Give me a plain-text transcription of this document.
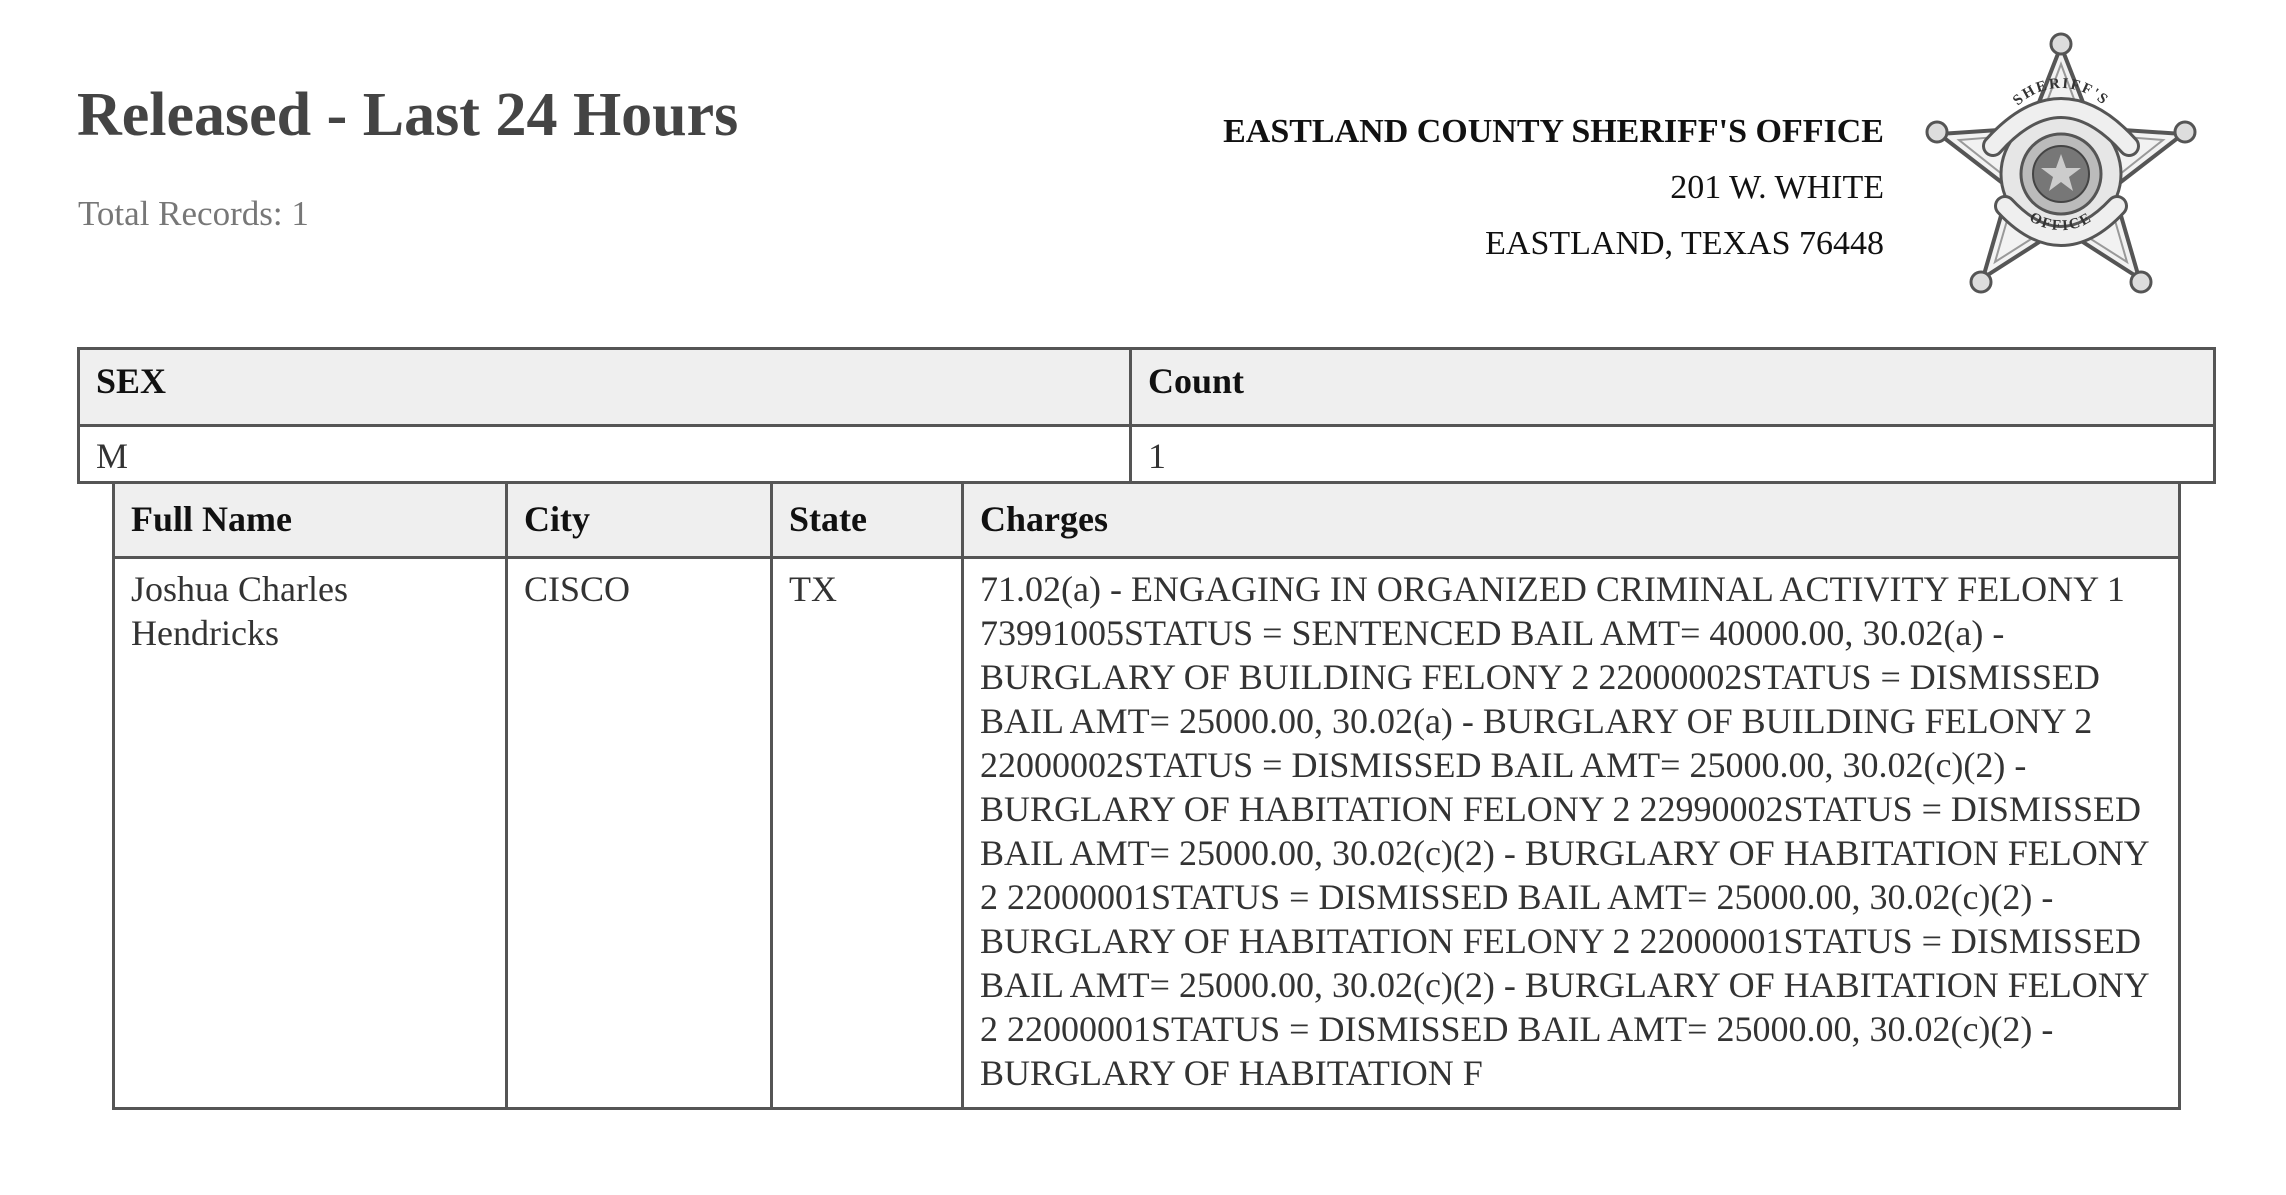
Released - Last 24 Hours
Total Records: 1
EASTLAND COUNTY SHERIFF'S OFFICE
201 W. WHITE
EASTLAND, TEXAS 76448
SHERIFF'S
OFFICE
SEX	Count
M	1
Full Name	City	State	Charges
Joshua Charles Hendricks	CISCO	TX	71.02(a) - ENGAGING IN ORGANIZED CRIMINAL ACTIVITY FELONY 1 73991005STATUS = SENTENCED BAIL AMT= 40000.00, 30.02(a) - BURGLARY OF BUILDING FELONY 2 22000002STATUS = DISMISSED BAIL AMT= 25000.00, 30.02(a) - BURGLARY OF BUILDING FELONY 2 22000002STATUS = DISMISSED BAIL AMT= 25000.00, 30.02(c)(2) - BURGLARY OF HABITATION FELONY 2 22990002STATUS = DISMISSED BAIL AMT= 25000.00, 30.02(c)(2) - BURGLARY OF HABITATION FELONY 2 22000001STATUS = DISMISSED BAIL AMT= 25000.00, 30.02(c)(2) - BURGLARY OF HABITATION FELONY 2 22000001STATUS = DISMISSED BAIL AMT= 25000.00, 30.02(c)(2) - BURGLARY OF HABITATION FELONY 2 22000001STATUS = DISMISSED BAIL AMT= 25000.00, 30.02(c)(2) - BURGLARY OF HABITATION F
